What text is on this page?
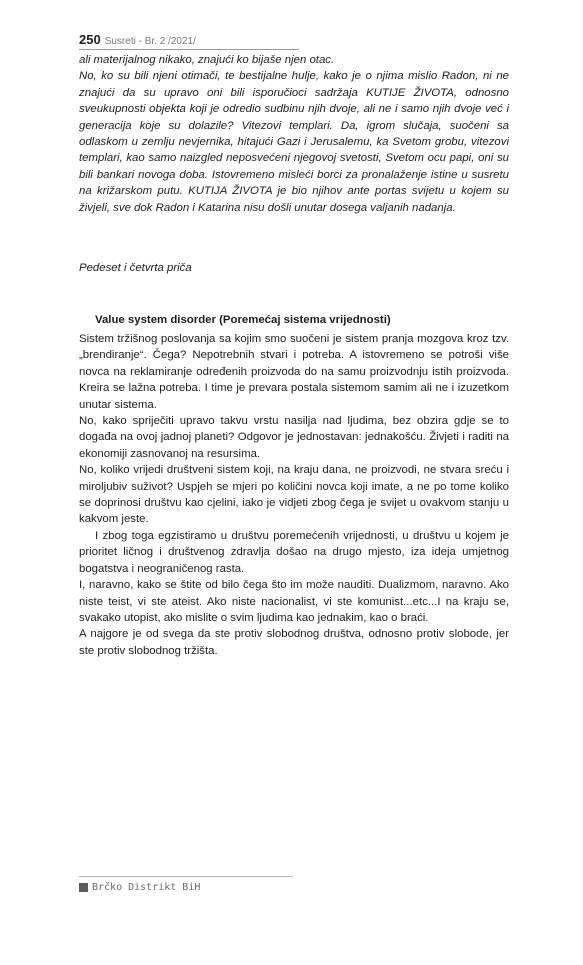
250 Susreti - Br. 2 /2021/

ali materijalnog nikako, znajući ko bijaše njen otac.

No, ko su bili njeni otimači, te bestijalne hulje, kako je o njima mislio Radon, ni ne znajući da su upravo oni bili isporučioci sadržaja KUTIJE ŽIVOTA, odnosno sveukupnosti objekta koji je odredio sudbinu njih dvoje, ali ne i samo njih dvoje već i generacija koje su dolazile? Vitezovi templari. Da, igrom slučaja, suočeni sa odlaskom u zemlju nevjernika, hitajući Gazi i Jerusalemu, ka Svetom grobu, vitezovi templari, kao samo naizgled neposvećeni njegovoj svetosti, Svetom ocu papi, oni su bili bankari novoga doba. Istovremeno misleći borci za pronalaženje istine u susretu na križarskom putu. KUTIJA ŽIVOTA je bio njihov ante portas svijetu u kojem su živjeli, sve dok Radon i Katarina nisu došli unutar dosega valjanih nadanja.

Pedeset i četvrta priča
Value system disorder (Poremećaj sistema vrijednosti)

Sistem tržišnog poslovanja sa kojim smo suočeni je sistem pranja mozgova kroz tzv. „brendiranje“. Čega? Nepotrebnih stvari i potreba. A istovremeno se potroši više novca na reklamiranje određenih proizvoda do na samu proizvodnju istih proizvoda. Kreira se lažna potreba. I time je prevara postala sistemom samim ali ne i izuzetkom unutar sistema.

No, kako spriječiti upravo takvu vrstu nasilja nad ljudima, bez obzira gdje se to događa na ovoj jadnoj planeti? Odgovor je jednostavan: jednakošću. Živjeti i raditi na ekonomiji zasnovanoj na resursima.

No, koliko vrijedi društveni sistem koji, na kraju dana, ne proizvodi, ne stvara sreću i miroljubiv suživot? Uspjeh se mjeri po količini novca koji imate, a ne po tome koliko se doprinosi društvu kao cjelini, iako je vidjeti zbog čega je svijet u ovakvom stanju u kakvom jeste.

I zbog toga egzistiramo u društvu poremećenih vrijednosti, u društvu u kojem je prioritet ličnog i društvenog zdravlja došao na drugo mjesto, iza ideja umjetnog bogatstva i neograničenog rasta.

I, naravno, kako se štite od bilo čega što im može nauditi. Dualizmom, naravno. Ako niste teist, vi ste ateist. Ako niste nacionalist, vi ste komunist...etc...I na kraju se, svakako utopist, ako mislite o svim ljudima kao jednakim, kao o braći.

A najgore je od svega da ste protiv slobodnog društva, odnosno protiv slobode, jer ste protiv slobodnog tržišta.

Brčko Distrikt BiH
